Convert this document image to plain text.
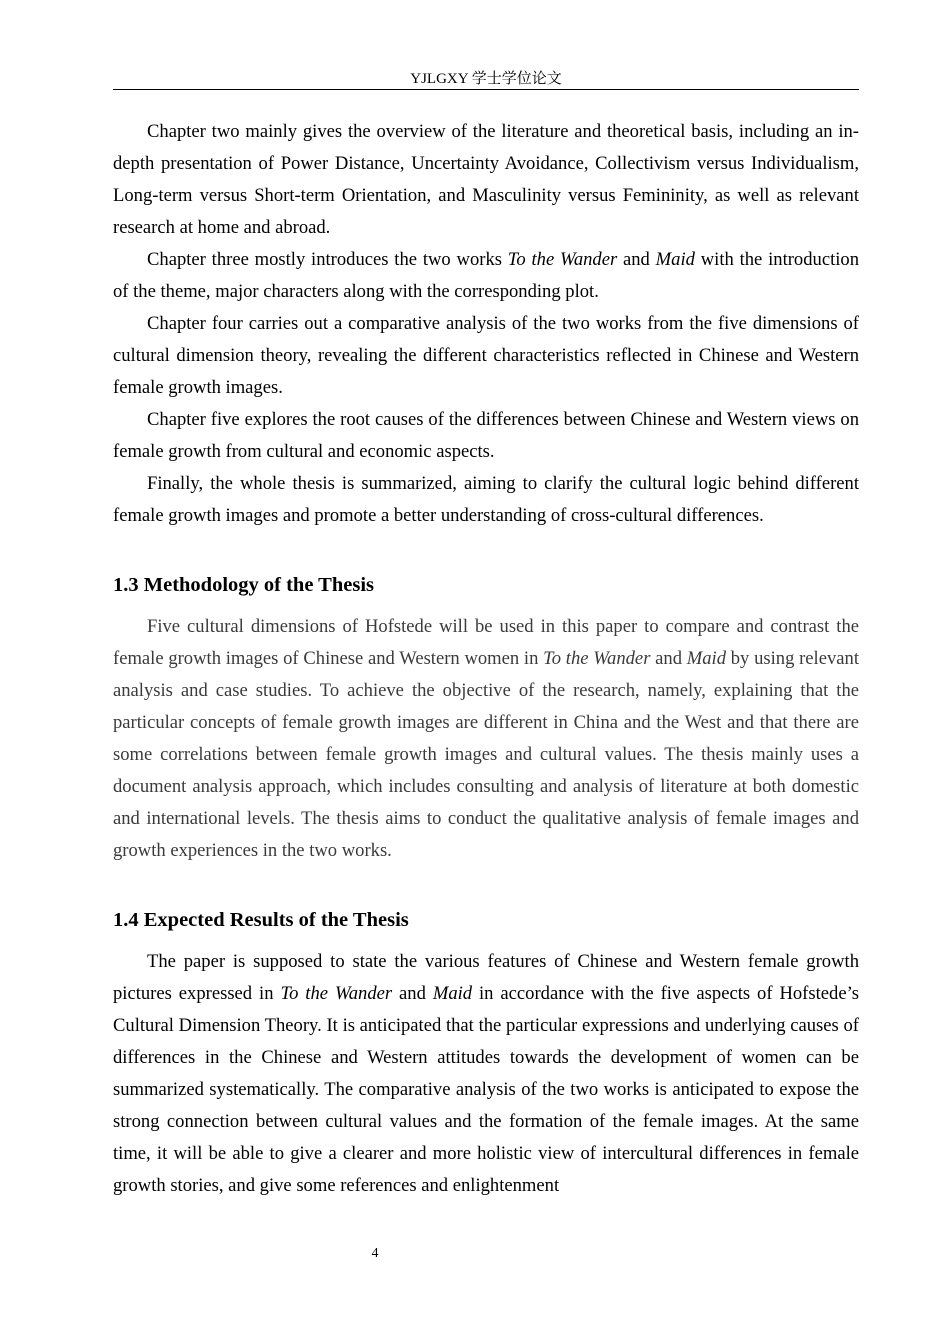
YJLGXY 学士学位论文

Chapter two mainly gives the overview of the literature and theoretical basis, including an in-depth presentation of Power Distance, Uncertainty Avoidance, Collectivism versus Individualism, Long-term versus Short-term Orientation, and Masculinity versus Femininity, as well as relevant research at home and abroad.

Chapter three mostly introduces the two works To the Wander and Maid with the introduction of the theme, major characters along with the corresponding plot.

Chapter four carries out a comparative analysis of the two works from the five dimensions of cultural dimension theory, revealing the different characteristics reflected in Chinese and Western female growth images.

Chapter five explores the root causes of the differences between Chinese and Western views on female growth from cultural and economic aspects.

Finally, the whole thesis is summarized, aiming to clarify the cultural logic behind different female growth images and promote a better understanding of cross-cultural differences.

1.3 Methodology of the Thesis

Five cultural dimensions of Hofstede will be used in this paper to compare and contrast the female growth images of Chinese and Western women in To the Wander and Maid by using relevant analysis and case studies. To achieve the objective of the research, namely, explaining that the particular concepts of female growth images are different in China and the West and that there are some correlations between female growth images and cultural values. The thesis mainly uses a document analysis approach, which includes consulting and analysis of literature at both domestic and international levels. The thesis aims to conduct the qualitative analysis of female images and growth experiences in the two works.

1.4 Expected Results of the Thesis

The paper is supposed to state the various features of Chinese and Western female growth pictures expressed in To the Wander and Maid in accordance with the five aspects of Hofstede’s Cultural Dimension Theory. It is anticipated that the particular expressions and underlying causes of differences in the Chinese and Western attitudes towards the development of women can be summarized systematically. The comparative analysis of the two works is anticipated to expose the strong connection between cultural values and the formation of the female images. At the same time, it will be able to give a clearer and more holistic view of intercultural differences in female growth stories, and give some references and enlightenment

4
